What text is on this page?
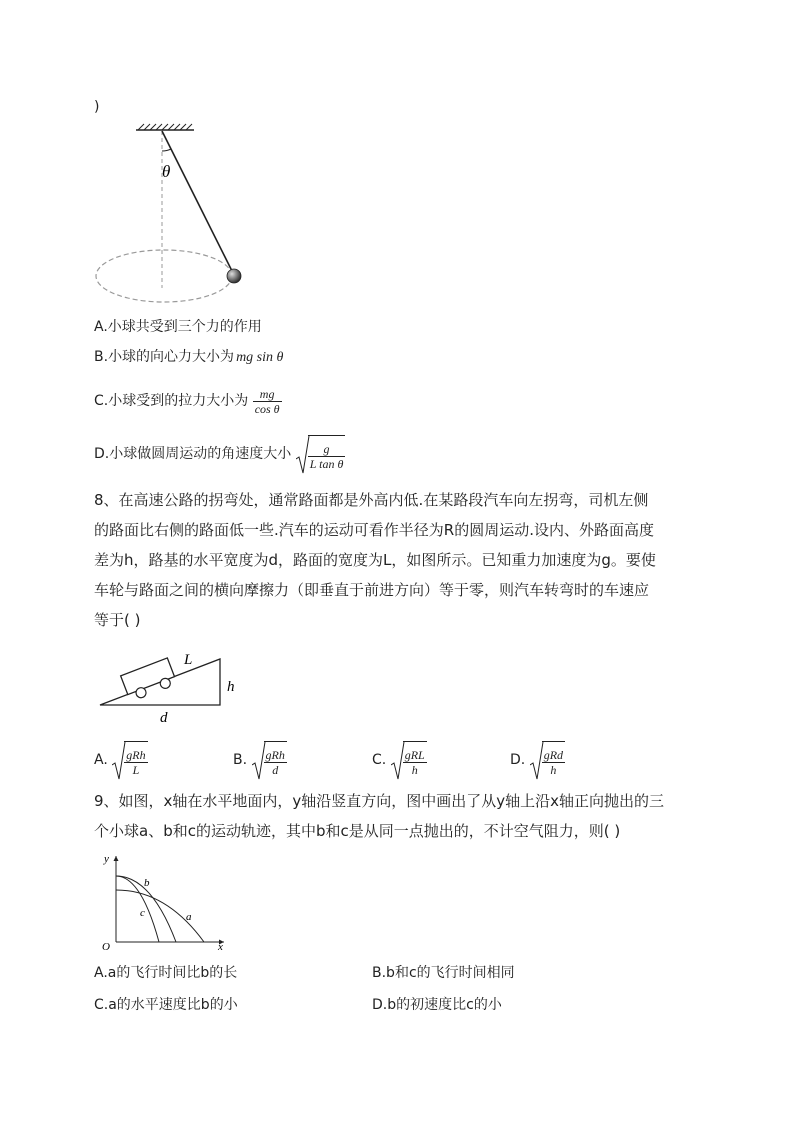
)
θ
A.小球共受到三个力的作用
B.小球的向心力大小为 mg sin θ
C.小球受到的拉力大小为 $\frac{mg}{\text{cos θ}}$
D.小球做圆周运动的角速度大小 $\frac{g}{\text{L tan θ}}$
8、在高速公路的拐弯处，通常路面都是外高内低.在某路段汽车向左拐弯，司机左侧
的路面比右侧的路面低一些.汽车的运动可看作半径为R的圆周运动.设内、外路面高度
差为h，路基的水平宽度为d，路面的宽度为L，如图所示。已知重力加速度为g。要使
车轮与路面之间的横向摩擦力（即垂直于前进方向）等于零，则汽车转弯时的车速应
等于( )
L
h
d
A. $\frac{\text{gRh}}{L}$	B. $\frac{\text{gRh}}{d}$	C. $\frac{\text{gRL}}{h}$	D. $\frac{\text{gRd}}{h}$
9、如图，x轴在水平地面内，y轴沿竖直方向，图中画出了从y轴上沿x轴正向抛出的三
个小球a、b和c的运动轨迹，其中b和c是从同一点抛出的，不计空气阻力，则( )
y
x
O
a
b
c
A.a的飞行时间比b的长	B.b和c的飞行时间相同
C.a的水平速度比b的小	D.b的初速度比c的小
